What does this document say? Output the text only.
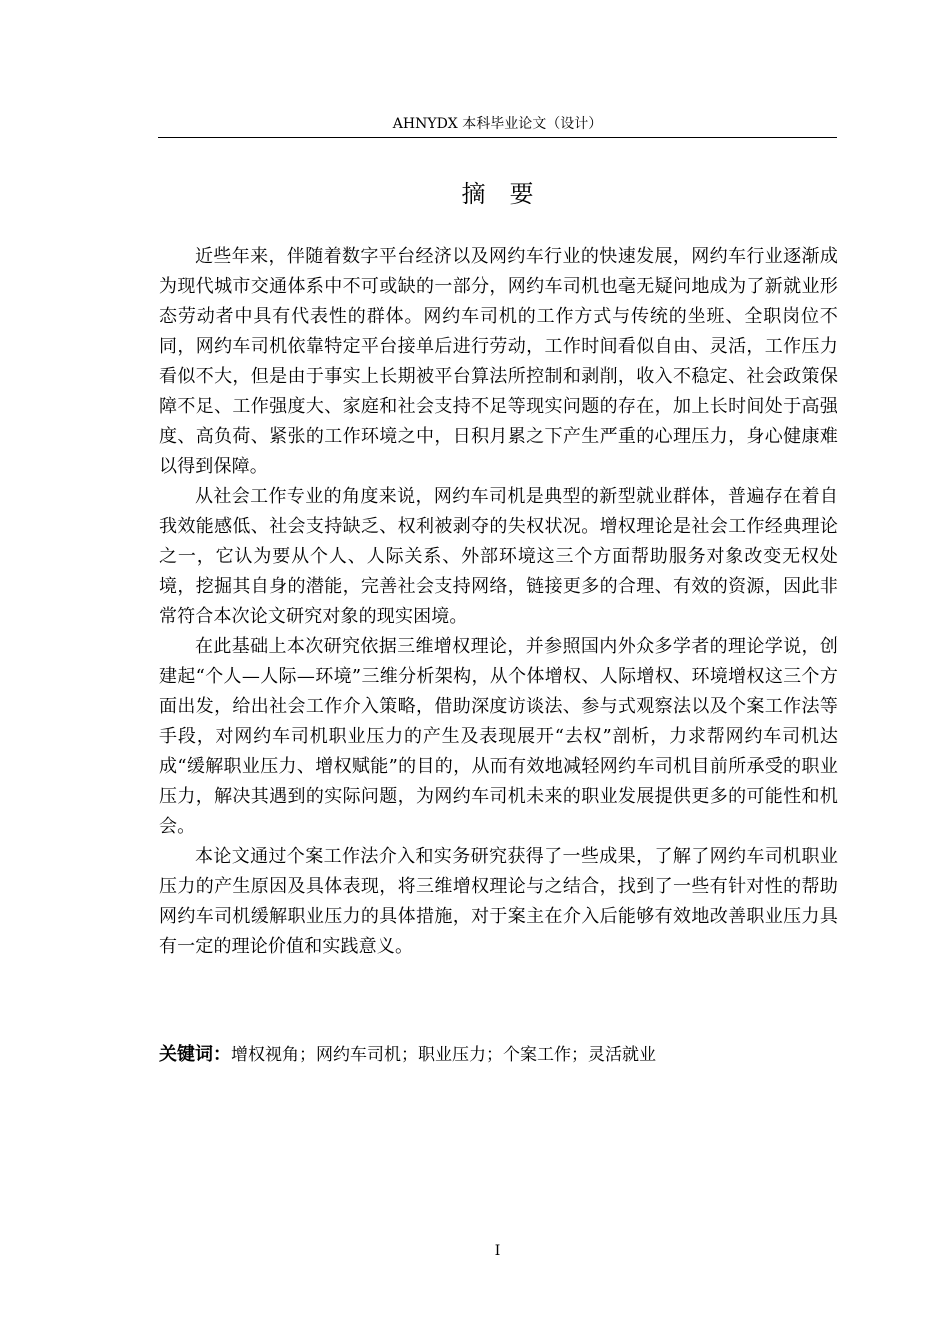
AHNYDX 本科毕业论文（设计）
摘要

近些年来，伴随着数字平台经济以及网约车行业的快速发展，网约车行业逐渐成为现代城市交通体系中不可或缺的一部分，网约车司机也毫无疑问地成为了新就业形态劳动者中具有代表性的群体。网约车司机的工作方式与传统的坐班、全职岗位不同，网约车司机依靠特定平台接单后进行劳动，工作时间看似自由、灵活，工作压力看似不大，但是由于事实上长期被平台算法所控制和剥削，收入不稳定、社会政策保障不足、工作强度大、家庭和社会支持不足等现实问题的存在，加上长时间处于高强度、高负荷、紧张的工作环境之中，日积月累之下产生严重的心理压力，身心健康难以得到保障。

从社会工作专业的角度来说，网约车司机是典型的新型就业群体，普遍存在着自我效能感低、社会支持缺乏、权利被剥夺的失权状况。增权理论是社会工作经典理论之一，它认为要从个人、人际关系、外部环境这三个方面帮助服务对象改变无权处境，挖掘其自身的潜能，完善社会支持网络，链接更多的合理、有效的资源，因此非常符合本次论文研究对象的现实困境。

在此基础上本次研究依据三维增权理论，并参照国内外众多学者的理论学说，创建起“个人—人际—环境”三维分析架构，从个体增权、人际增权、环境增权这三个方面出发，给出社会工作介入策略，借助深度访谈法、参与式观察法以及个案工作法等手段，对网约车司机职业压力的产生及表现展开“去权”剖析，力求帮网约车司机达成“缓解职业压力、增权赋能”的目的，从而有效地减轻网约车司机目前所承受的职业压力，解决其遇到的实际问题，为网约车司机未来的职业发展提供更多的可能性和机会。

本论文通过个案工作法介入和实务研究获得了一些成果，了解了网约车司机职业压力的产生原因及具体表现，将三维增权理论与之结合，找到了一些有针对性的帮助网约车司机缓解职业压力的具体措施，对于案主在介入后能够有效地改善职业压力具有一定的理论价值和实践意义。

关键词：增权视角；网约车司机；职业压力；个案工作；灵活就业
I
